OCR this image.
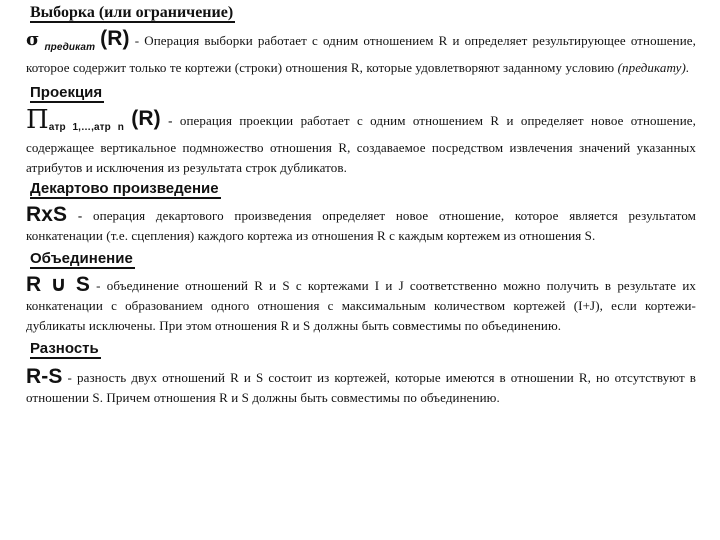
Выборка (или ограничение)

σ $_{предикат}$ (R) - Операция выборки работает с одним отношением R и определяет результирующее отношение, которое содержит только те кортежи (строки) отношения R, которые удовлетворяют заданному условию (предикату).

Проекция

$\Pi_{атр 1,\dots,атр n}$ (R) - операция проекции работает с одним отношением R и определяет новое отношение, содержащее вертикальное подмножество отношения R, создаваемое посредством извлечения значений указанных атрибутов и исключения из результата строк дубликатов.

Декартово произведение

RxS - операция декартового произведения определяет новое отношение, которое является результатом конкатенации (т.е. сцепления) каждого кортежа из отношения R с каждым кортежем из отношения S.

Объединение

R ∪ S - объединение отношений R и S с кортежами I и J соответственно можно получить в результате их конкатенации с образованием одного отношения с максимальным количеством кортежей (I+J), если кортежи-дубликаты исключены. При этом отношения R и S должны быть совместимы по объединению.

Разность

R-S - разность двух отношений R и S состоит из кортежей, которые имеются в отношении R, но отсутствуют в отношении S. Причем отношения R и S должны быть совместимы по объединению.
